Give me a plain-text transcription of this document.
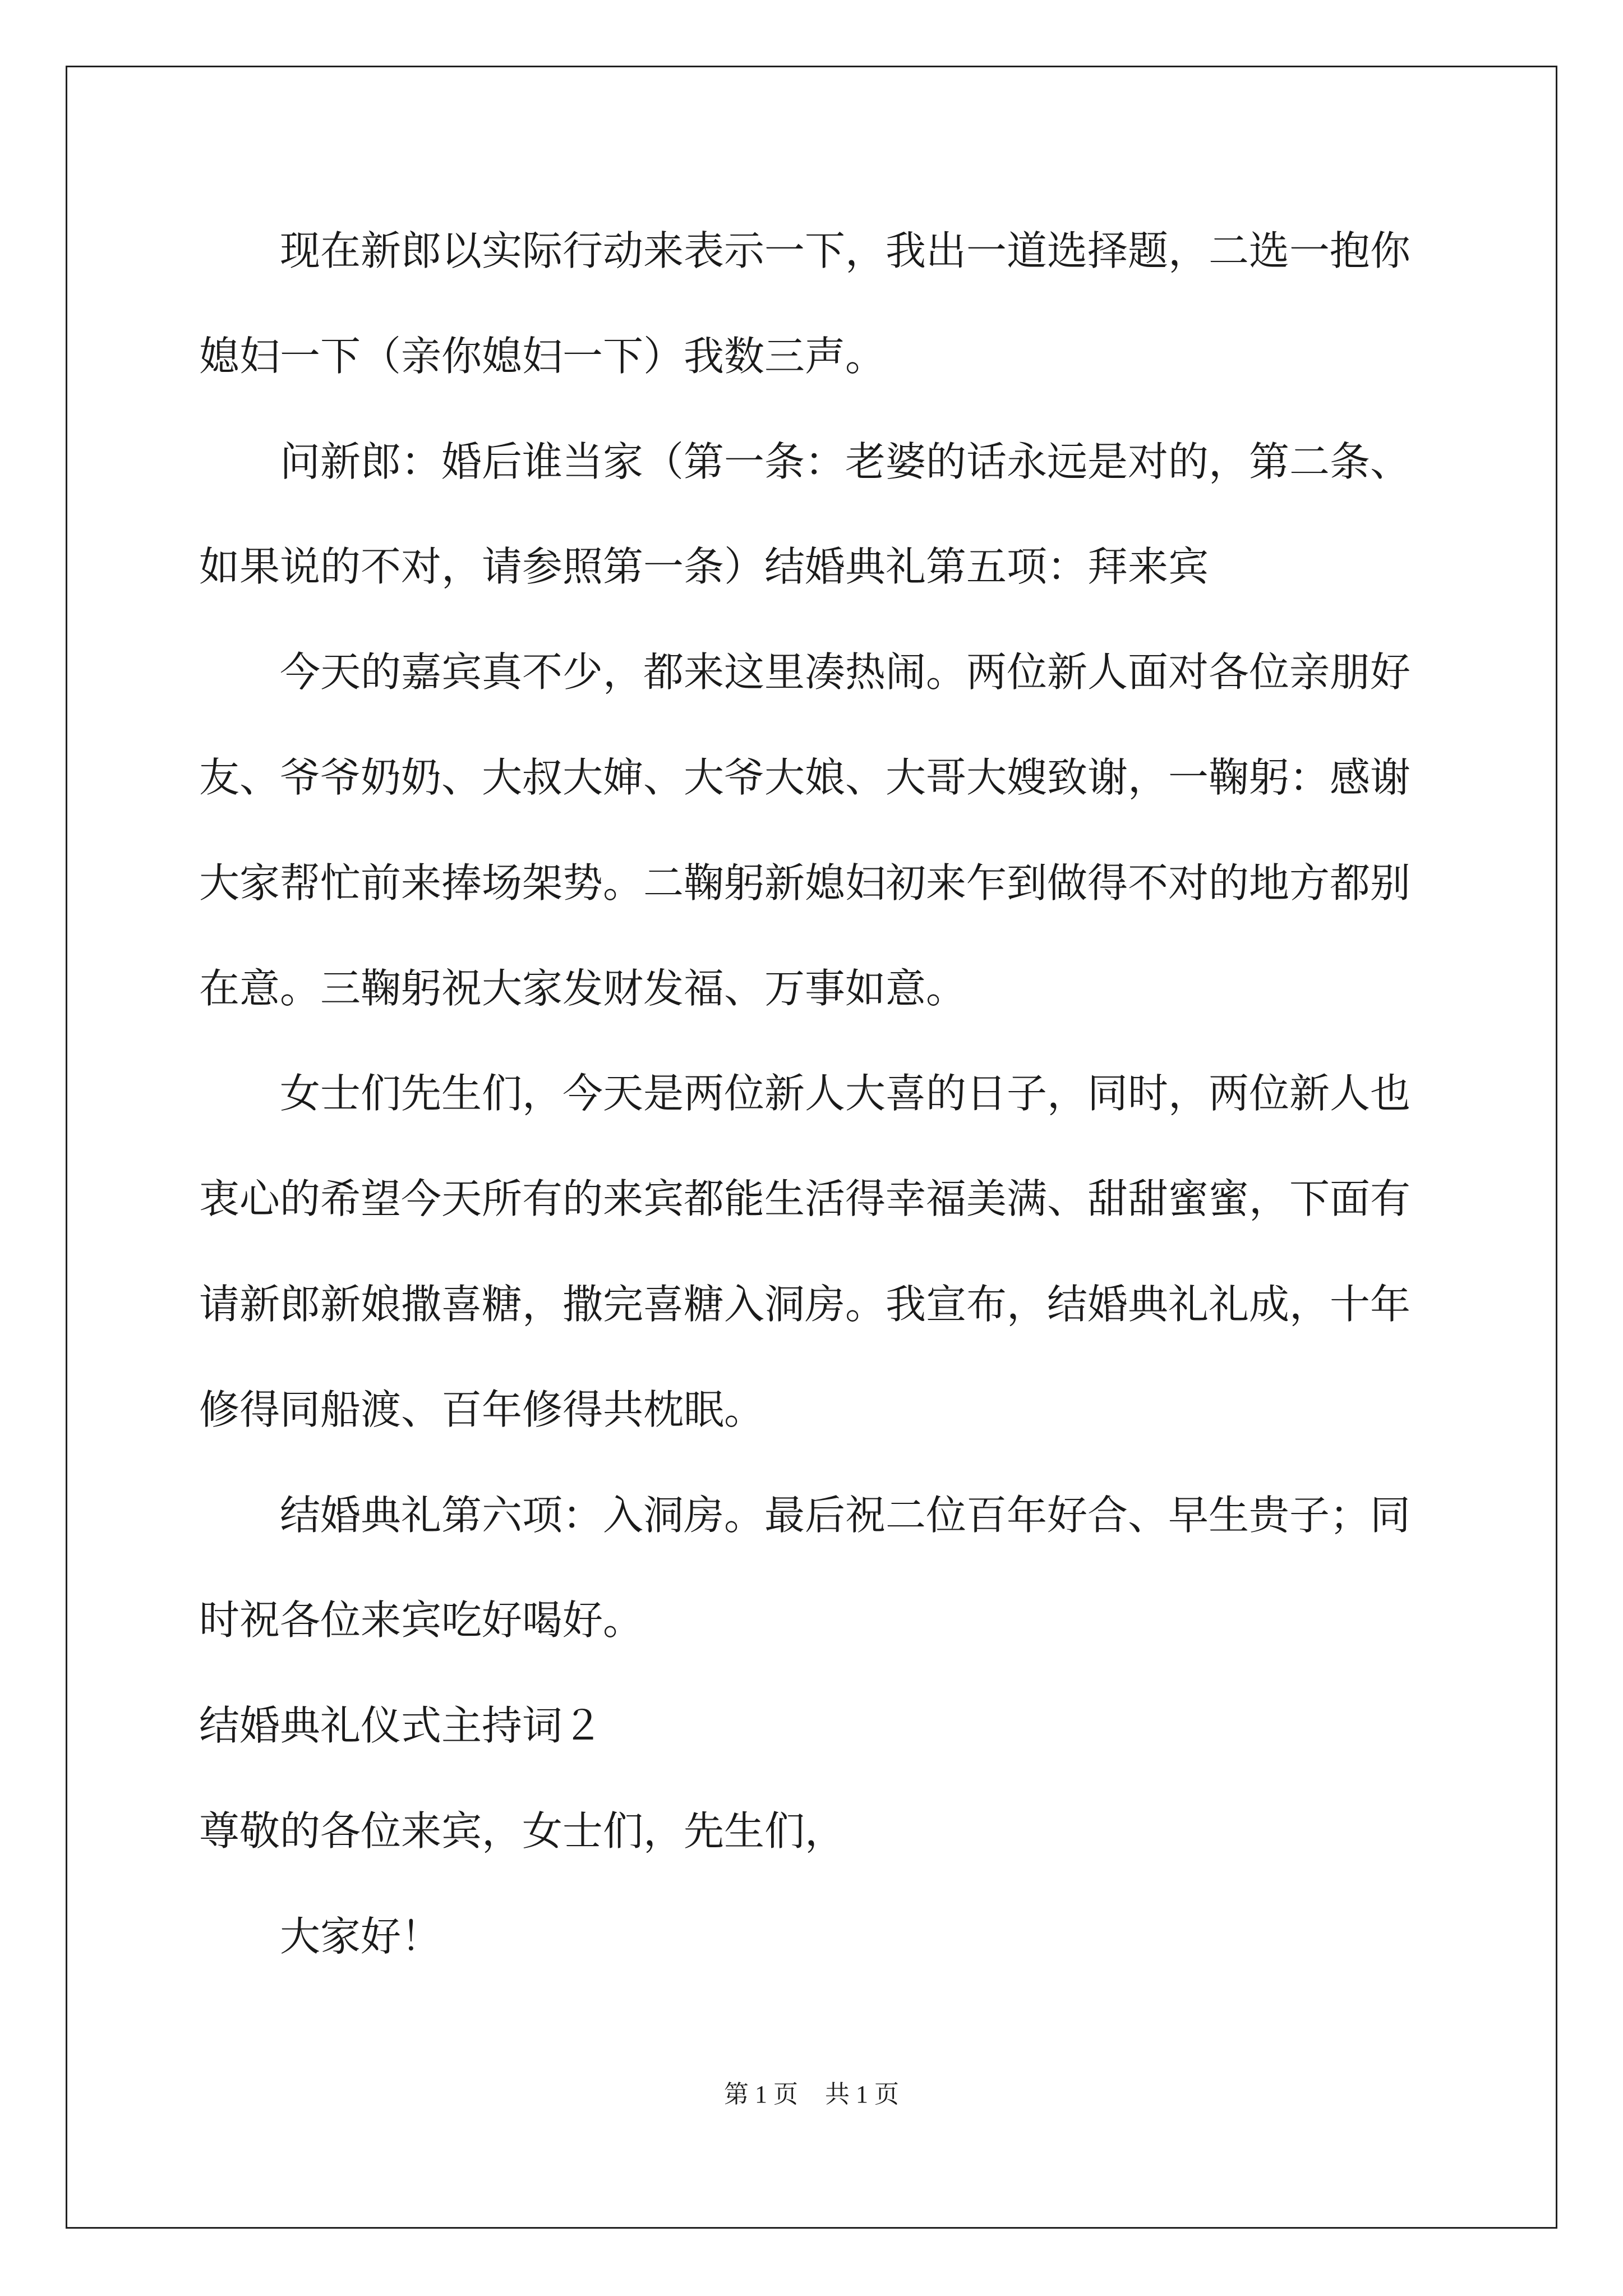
　　现在新郎以实际行动来表示一下，我出一道选择题，二选一抱你

媳妇一下（亲你媳妇一下）我数三声。

　　问新郎：婚后谁当家（第一条：老婆的话永远是对的，第二条、

如果说的不对，请参照第一条）结婚典礼第五项：拜来宾

　　今天的嘉宾真不少，都来这里凑热闹。两位新人面对各位亲朋好

友、爷爷奶奶、大叔大婶、大爷大娘、大哥大嫂致谢，一鞠躬：感谢

大家帮忙前来捧场架势。二鞠躬新媳妇初来乍到做得不对的地方都别

在意。三鞠躬祝大家发财发福、万事如意。

　　女士们先生们，今天是两位新人大喜的日子，同时，两位新人也

衷心的希望今天所有的来宾都能生活得幸福美满、甜甜蜜蜜，下面有

请新郎新娘撒喜糖，撒完喜糖入洞房。我宣布，结婚典礼礼成，十年

修得同船渡、百年修得共枕眠。

　　结婚典礼第六项：入洞房。最后祝二位百年好合、早生贵子；同

时祝各位来宾吃好喝好。

结婚典礼仪式主持词２

尊敬的各位来宾，女士们，先生们，

　　大家好！

第 1 页 共 1 页
